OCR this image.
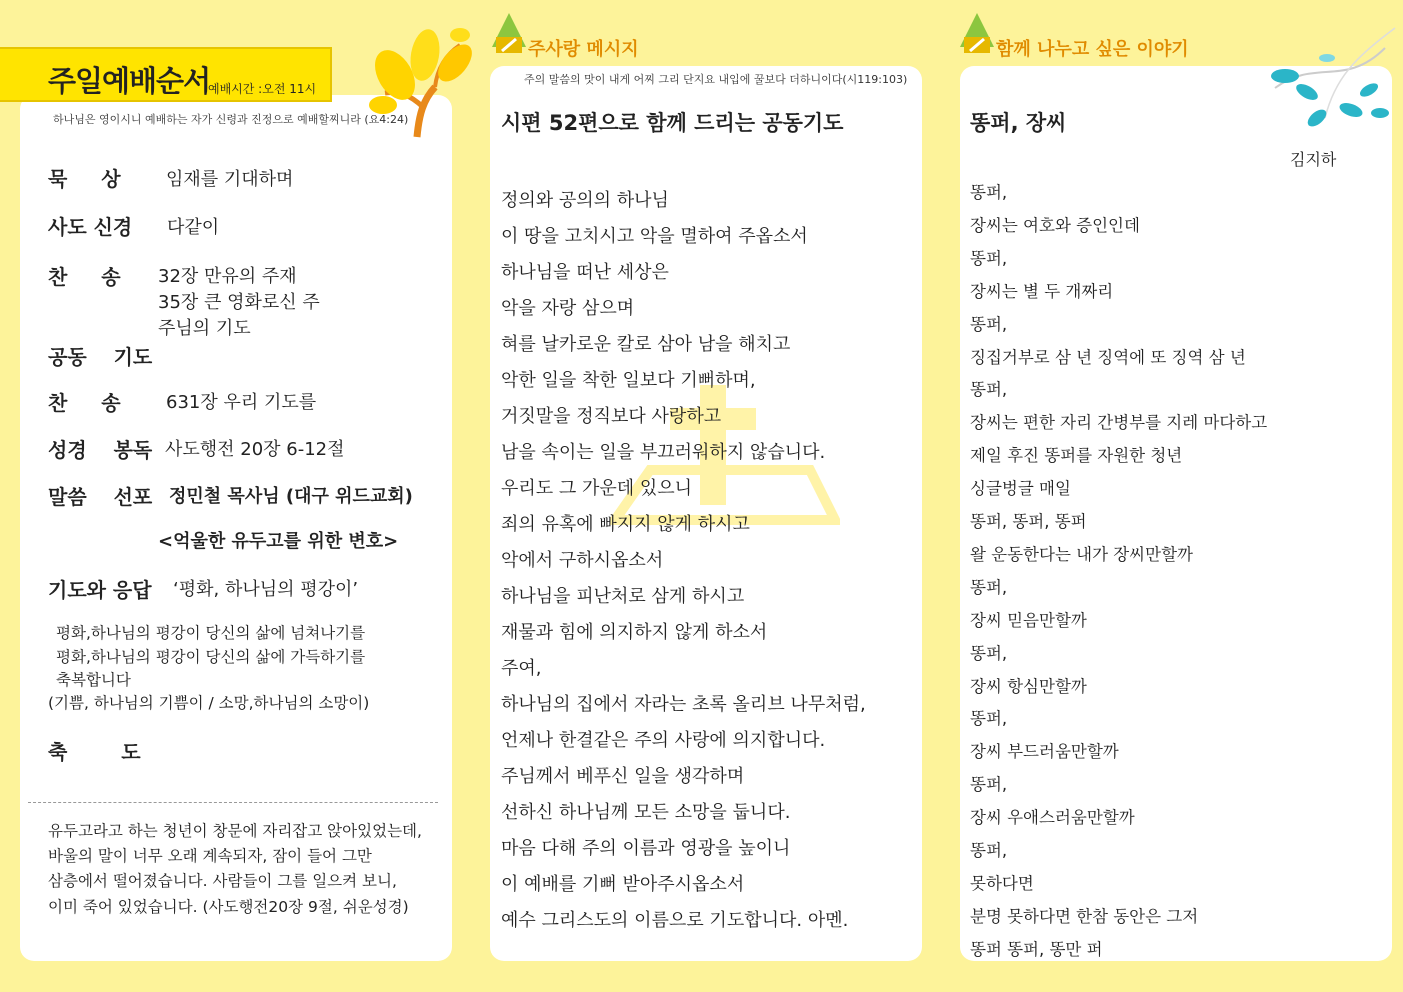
주일예배순서
예배시간 :오전 11시
하나님은 영이시니 예배하는 자가 신령과 진정으로 예배할찌니라 (요4:24)
묵 　 상	임재를 기대하며
사도 신경 다같이
찬 　 송 32장 만유의 주재
35장 큰 영화로신 주
주님의 기도
공동 　기도
찬 　 송	631장 우리 기도를
성경 　봉독 사도행전 20장 6-12절
말씀 　선포 정민철 목사님 (대구 위드교회)
<억울한 유두고를 위한 변호>
기도와 응답 ‘평화, 하나님의 평강이’
평화,하나님의 평강이 당신의 삶에 넘쳐나기를
평화,하나님의 평강이 당신의 삶에 가득하기를
축복합니다
(기쁨, 하나님의 기쁨이 / 소망,하나님의 소망이)
축 　　 도
유두고라고 하는 청년이 창문에 자리잡고 앉아있었는데,
바울의 말이 너무 오래 계속되자, 잠이 들어 그만
삼층에서 떨어졌습니다. 사람들이 그를 일으켜 보니,
이미 죽어 있었습니다. (사도행전20장 9절, 쉬운성경)
주사랑 메시지
주의 말씀의 맛이 내게 어찌 그리 단지요 내입에 꿀보다 더하니이다(시119:103)
시편 52편으로 함께 드리는 공동기도
정의와 공의의 하나님
이 땅을 고치시고 악을 멸하여 주옵소서
하나님을 떠난 세상은
악을 자랑 삼으며
혀를 날카로운 칼로 삼아 남을 해치고
악한 일을 착한 일보다 기뻐하며,
거짓말을 정직보다 사랑하고
남을 속이는 일을 부끄러워하지 않습니다.
우리도 그 가운데 있으니
죄의 유혹에 빠지지 않게 하시고
악에서 구하시옵소서
하나님을 피난처로 삼게 하시고
재물과 힘에 의지하지 않게 하소서
주여,
하나님의 집에서 자라는 초록 올리브 나무처럼,
언제나 한결같은 주의 사랑에 의지합니다.
주님께서 베푸신 일을 생각하며
선하신 하나님께 모든 소망을 둡니다.
마음 다해 주의 이름과 영광을 높이니
이 예배를 기뻐 받아주시옵소서
예수 그리스도의 이름으로 기도합니다. 아멘.
함께 나누고 싶은 이야기
똥퍼, 장씨
김지하
똥퍼,
장씨는 여호와 증인인데
똥퍼,
장씨는 별 두 개짜리
똥퍼,
징집거부로 삼 년 징역에 또 징역 삼 년
똥퍼,
장씨는 편한 자리 간병부를 지레 마다하고
제일 후진 똥퍼를 자원한 청년
싱글벙글 매일
똥퍼, 똥퍼, 똥퍼
왈 운동한다는 내가 장씨만할까
똥퍼,
장씨 믿음만할까
똥퍼,
장씨 항심만할까
똥퍼,
장씨 부드러움만할까
똥퍼,
장씨 우애스러움만할까
똥퍼,
못하다면
분명 못하다면 한참 동안은 그저
똥퍼 똥퍼, 똥만 퍼
